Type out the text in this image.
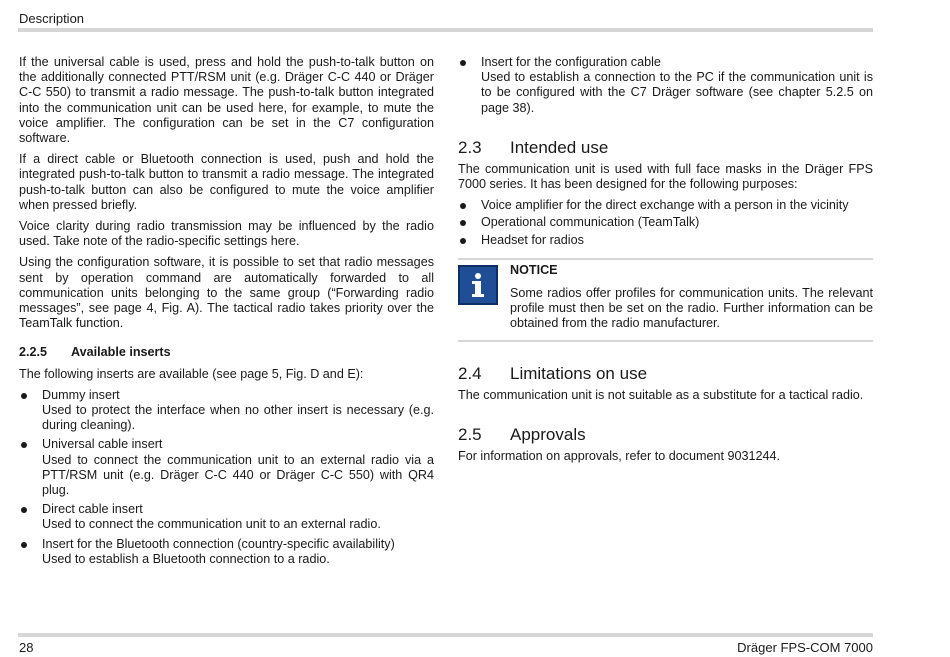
Description

If the universal cable is used, press and hold the push-to-talk button on the additionally connected PTT/RSM unit (e.g. Dräger C-C 440 or Dräger C-C 550) to transmit a radio message. The push-to-talk button integrated into the communication unit can be used here, for example, to mute the voice amplifier. The configuration can be set in the C7 configuration software.

If a direct cable or Bluetooth connection is used, push and hold the integrated push-to-talk button to transmit a radio message. The integrated push-to-talk button can also be configured to mute the voice amplifier when pressed briefly.

Voice clarity during radio transmission may be influenced by the radio used. Take note of the radio-specific settings here.

Using the configuration software, it is possible to set that radio messages sent by operation command are automatically forwarded to all communication units belonging to the same group (“Forwarding radio messages”, see page 4, Fig. A). The tactical radio takes priority over the TeamTalk function.

2.2.5	Available inserts

The following inserts are available (see page 5, Fig. D and E):

Dummy insert
Used to protect the interface when no other insert is necessary (e.g. during cleaning).
Universal cable insert
Used to connect the communication unit to an external radio via a PTT/RSM unit (e.g. Dräger C-C 440 or Dräger C-C 550) with QR4 plug.
Direct cable insert
Used to connect the communication unit to an external radio.
Insert for the Bluetooth connection (country-specific availability)
Used to establish a Bluetooth connection to a radio.
Insert for the configuration cable
Used to establish a connection to the PC if the communication unit is to be configured with the C7 Dräger software (see chapter 5.2.5 on page 38).
2.3	Intended use

The communication unit is used with full face masks in the Dräger FPS 7000 series. It has been designed for the following purposes:

Voice amplifier for the direct exchange with a person in the vicinity
Operational communication (TeamTalk)
Headset for radios
NOTICE
Some radios offer profiles for communication units. The relevant profile must then be set on the radio. Further information can be obtained from the radio manufacturer.
2.4	Limitations on use

The communication unit is not suitable as a substitute for a tactical radio.

2.5	Approvals

For information on approvals, refer to document 9031244.

28	Dräger FPS-COM 7000
